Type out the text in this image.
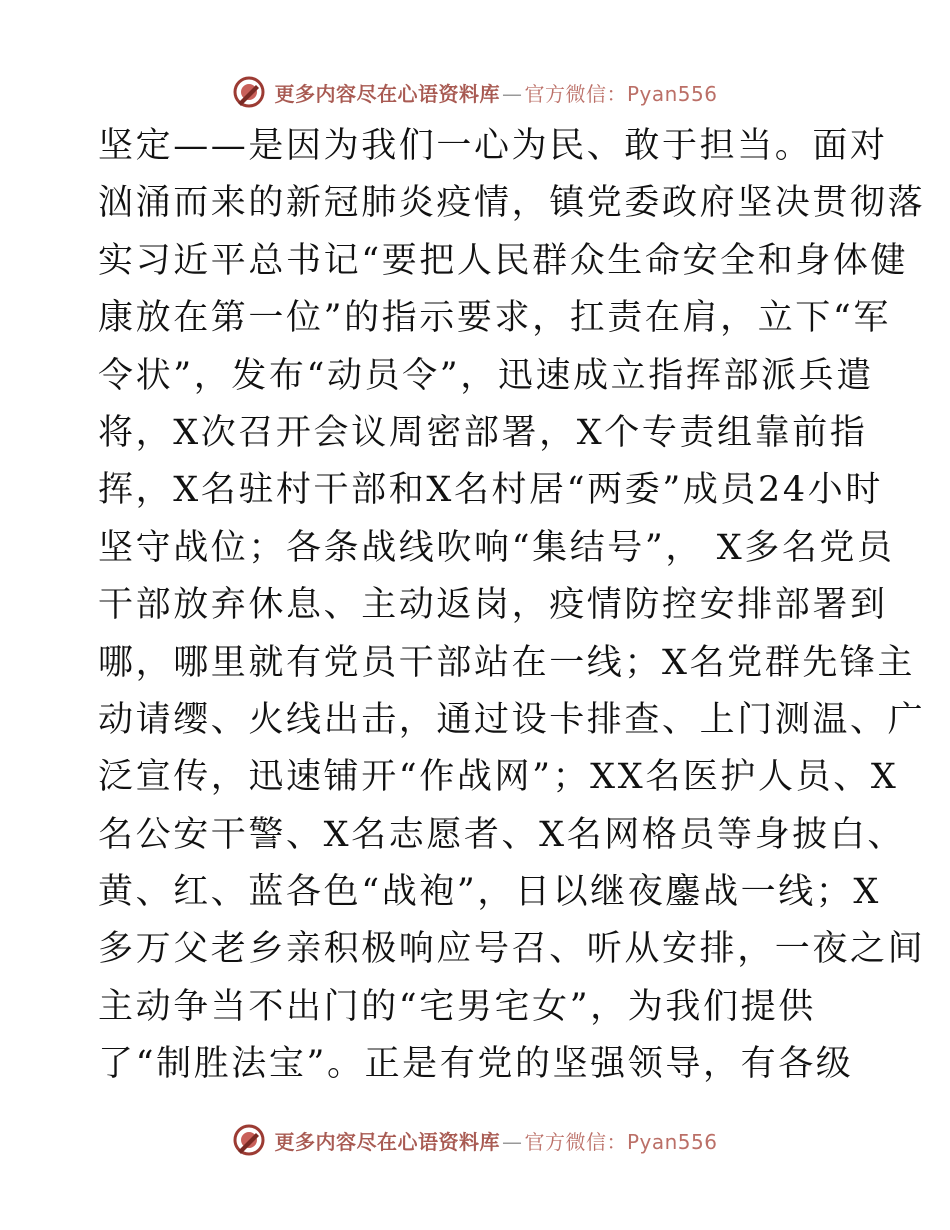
更多内容尽在心语资料库 — 官方微信：Pyan556
坚定——是因为我们一心为民、敢于担当。面对
汹涌而来的新冠肺炎疫情，镇党委政府坚决贯彻落
实习近平总书记“要把人民群众生命安全和身体健
康放在第一位”的指示要求，扛责在肩，立下“军
令状”，发布“动员令”，迅速成立指挥部派兵遣
将，X次召开会议周密部署，X个专责组靠前指
挥，X名驻村干部和X名村居“两委”成员24小时
坚守战位；各条战线吹响“集结号”， X多名党员
干部放弃休息、主动返岗，疫情防控安排部署到
哪，哪里就有党员干部站在一线；X名党群先锋主
动请缨、火线出击，通过设卡排查、上门测温、广
泛宣传，迅速铺开“作战网”；XX名医护人员、X
名公安干警、X名志愿者、X名网格员等身披白、
黄、红、蓝各色“战袍”，日以继夜鏖战一线；X
多万父老乡亲积极响应号召、听从安排，一夜之间
主动争当不出门的“宅男宅女”，为我们提供
了“制胜法宝”。正是有党的坚强领导，有各级
更多内容尽在心语资料库 — 官方微信：Pyan556
